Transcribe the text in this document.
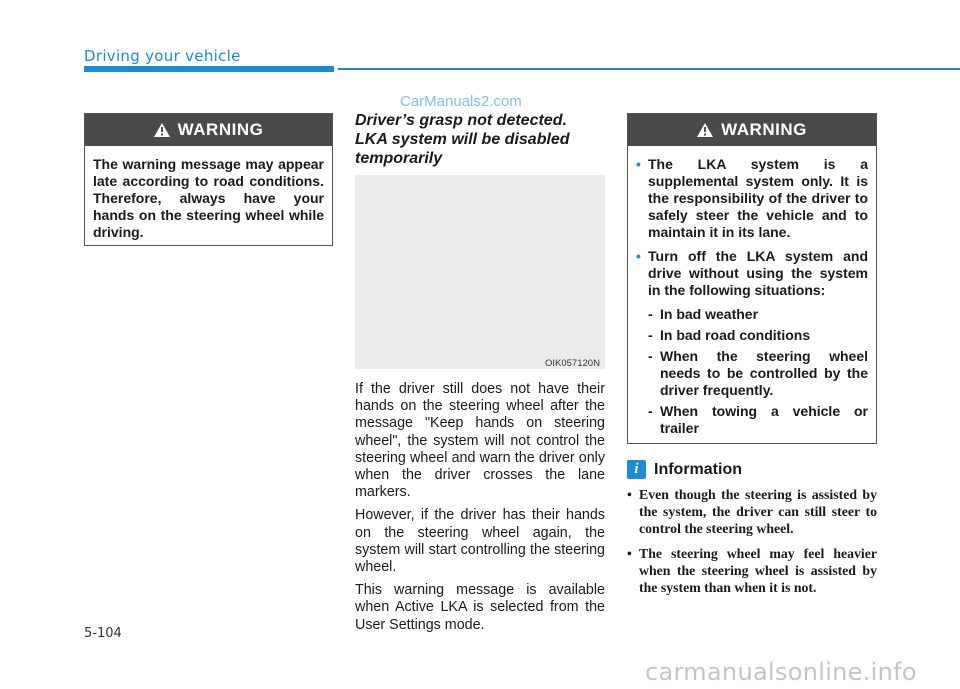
Driving your vehicle
CarManuals2.com
WARNING
The warning message may appear late according to road conditions. Therefore, always have your hands on the steering wheel while driving.
Driver’s grasp not detected.
LKA system will be disabled
temporarily
OIK057120N

If the driver still does not have their hands on the steering wheel after the message "Keep hands on steering wheel", the system will not control the steering wheel and warn the driver only when the driver crosses the lane markers.

However, if the driver has their hands on the steering wheel again, the system will start controlling the steering wheel.

This warning message is available when Active LKA is selected from the User Settings mode.

WARNING
• The LKA system is a supplemental system only. It is the responsibility of the driver to safely steer the vehicle and to maintain it in its lane.
• Turn off the LKA system and drive without using the system in the following situations:
- In bad weather
- In bad road conditions
- When the steering wheel needs to be controlled by the driver frequently.
- When towing a vehicle or trailer
i Information
• Even though the steering is assisted by the system, the driver can still steer to control the steering wheel.
• The steering wheel may feel heavier when the steering wheel is assisted by the system than when it is not.
5-104
carmanualsonline.info
